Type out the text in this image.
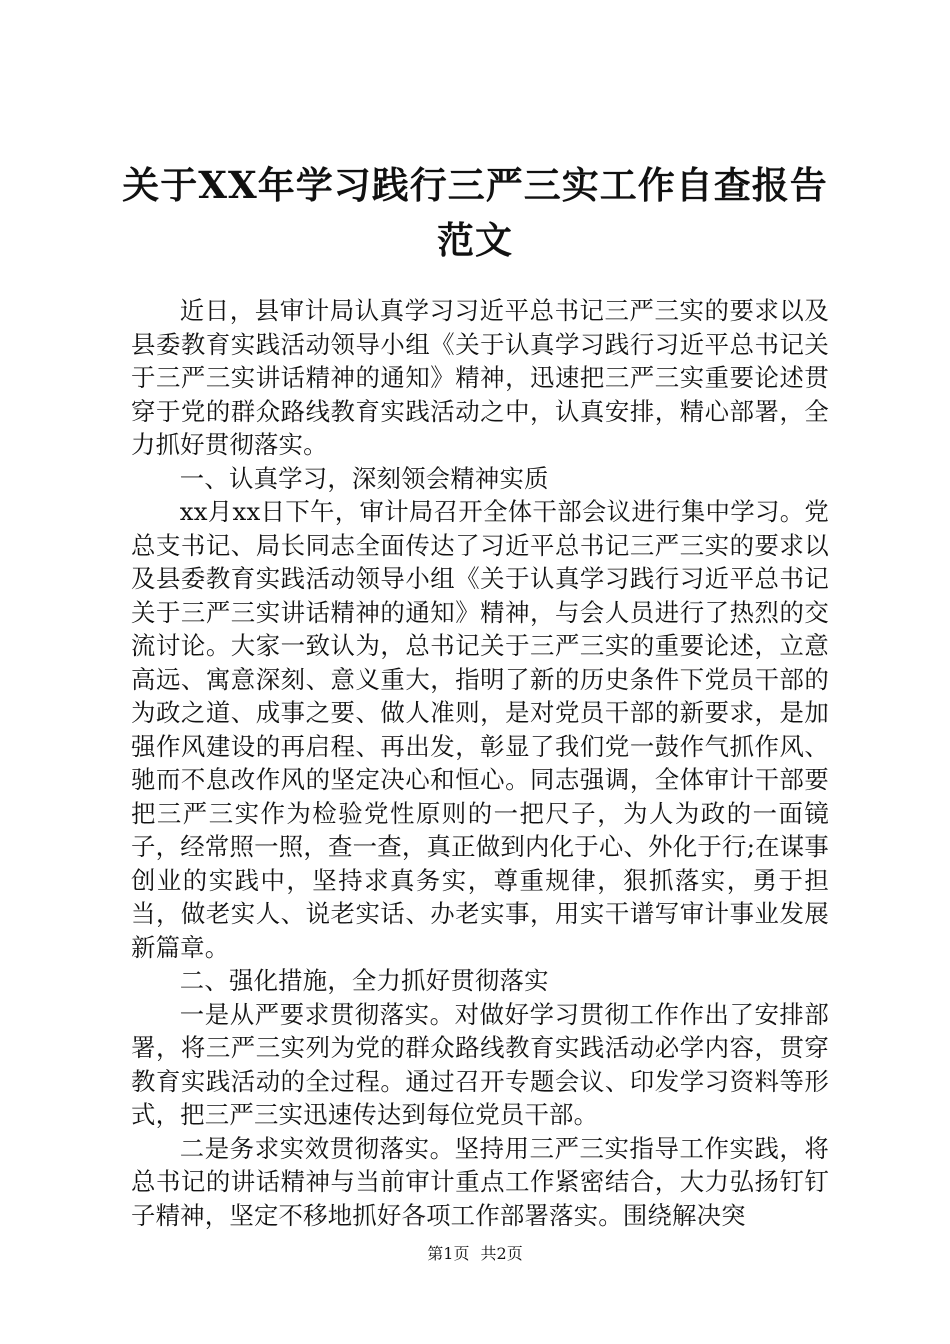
关于XX年学习践行三严三实工作自查报告范文

近日，县审计局认真学习习近平总书记三严三实的要求以及县委教育实践活动领导小组《关于认真学习践行习近平总书记关于三严三实讲话精神的通知》精神，迅速把三严三实重要论述贯穿于党的群众路线教育实践活动之中，认真安排，精心部署，全力抓好贯彻落实。

一、认真学习，深刻领会精神实质

xx月xx日下午，审计局召开全体干部会议进行集中学习。党总支书记、局长同志全面传达了习近平总书记三严三实的要求以及县委教育实践活动领导小组《关于认真学习践行习近平总书记关于三严三实讲话精神的通知》精神，与会人员进行了热烈的交流讨论。大家一致认为，总书记关于三严三实的重要论述，立意高远、寓意深刻、意义重大，指明了新的历史条件下党员干部的为政之道、成事之要、做人准则，是对党员干部的新要求，是加强作风建设的再启程、再出发，彰显了我们党一鼓作气抓作风、驰而不息改作风的坚定决心和恒心。同志强调，全体审计干部要把三严三实作为检验党性原则的一把尺子，为人为政的一面镜子，经常照一照，查一查，真正做到内化于心、外化于行;在谋事创业的实践中，坚持求真务实，尊重规律，狠抓落实，勇于担当，做老实人、说老实话、办老实事，用实干谱写审计事业发展新篇章。

二、强化措施，全力抓好贯彻落实

一是从严要求贯彻落实。对做好学习贯彻工作作出了安排部署，将三严三实列为党的群众路线教育实践活动必学内容，贯穿教育实践活动的全过程。通过召开专题会议、印发学习资料等形式，把三严三实迅速传达到每位党员干部。

二是务求实效贯彻落实。坚持用三严三实指导工作实践，将总书记的讲话精神与当前审计重点工作紧密结合，大力弘扬钉钉子精神，坚定不移地抓好各项工作部署落实。围绕解决突

第1页 共2页
